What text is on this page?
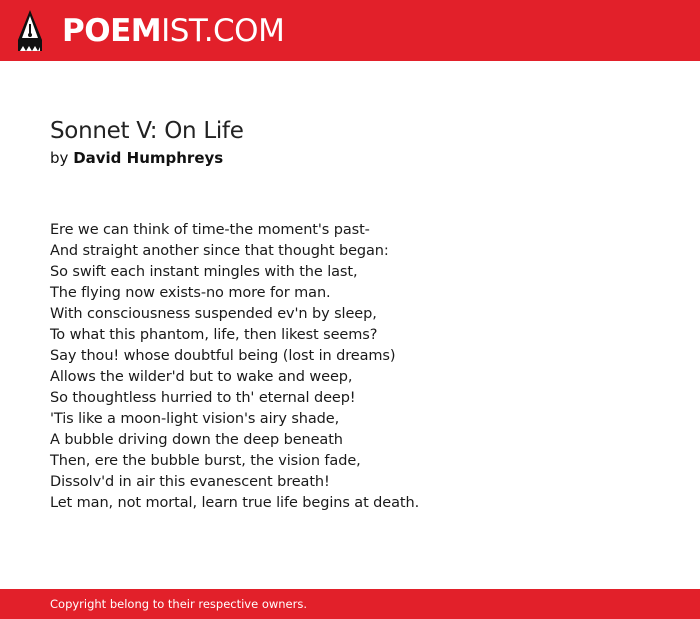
POEMIST.COM
Sonnet V: On Life
by David Humphreys
Ere we can think of time-the moment's past-
And straight another since that thought began:
So swift each instant mingles with the last,
The flying now exists-no more for man.
With consciousness suspended ev'n by sleep,
To what this phantom, life, then likest seems?
Say thou! whose doubtful being (lost in dreams)
Allows the wilder'd but to wake and weep,
So thoughtless hurried to th' eternal deep!
'Tis like a moon-light vision's airy shade,
A bubble driving down the deep beneath
Then, ere the bubble burst, the vision fade,
Dissolv'd in air this evanescent breath!
Let man, not mortal, learn true life begins at death.
Copyright belong to their respective owners.
